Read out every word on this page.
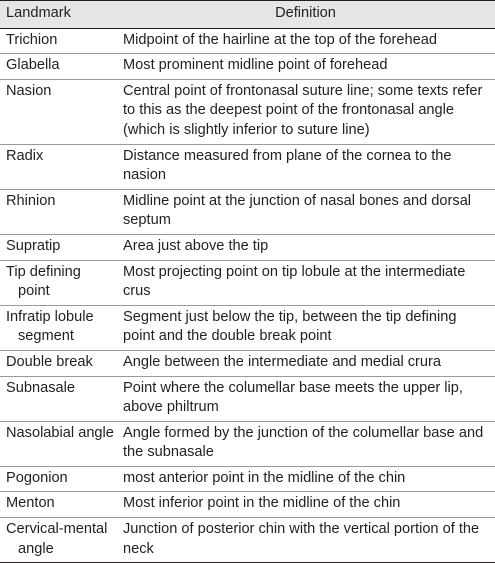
Landmark	Definition

Trichion	Midpoint of the hairline at the top of the forehead

Glabella	Most prominent midline point of forehead

Nasion	Central point of frontonasal suture line; some texts refer to this as the deepest point of the frontonasal angle (which is slightly inferior to suture line)

Radix	Distance measured from plane of the cornea to the nasion

Rhinion	Midline point at the junction of nasal bones and dorsal septum

Supratip	Area just above the tip

Tip defining point	Most projecting point on tip lobule at the intermediate crus

Infratip lobule segment	Segment just below the tip, between the tip defining point and the double break point

Double break	Angle between the intermediate and medial crura

Subnasale	Point where the columellar base meets the upper lip, above philtrum

Nasolabial angle	Angle formed by the junction of the columellar base and the subnasale

Pogonion	most anterior point in the midline of the chin

Menton	Most inferior point in the midline of the chin

Cervical-mental angle	Junction of posterior chin with the vertical portion of the neck
